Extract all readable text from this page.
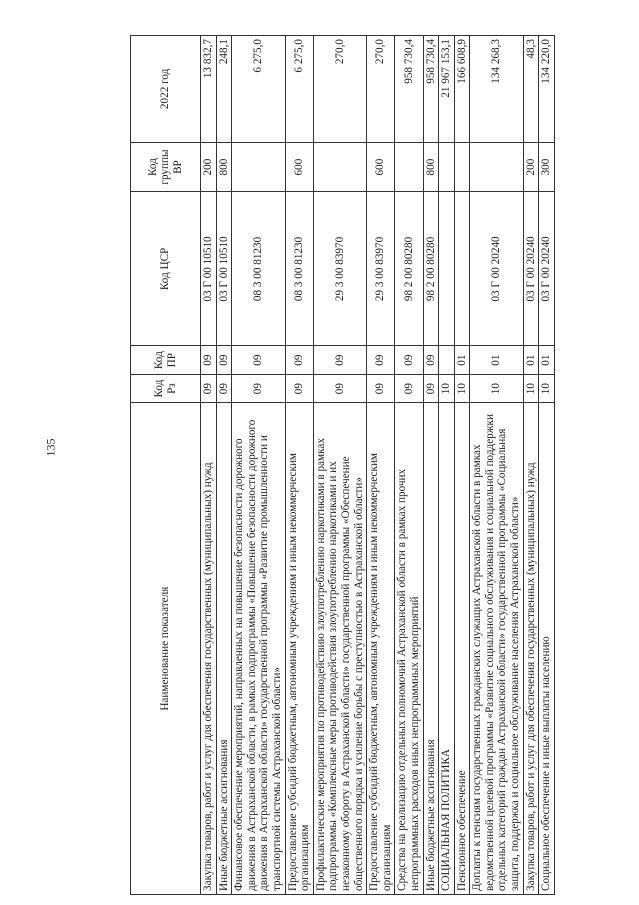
135
Наименование показателя	Код Рз	Код ПР	Код ЦСР	Код группы ВР	2022 год
Закупка товаров, работ и услуг для обеспечения государственных (муниципальных) нужд	09	09	03 Г 00 10510	200	13 832,7
Иные бюджетные ассигнования	09	09	03 Г 00 10510	800	248,1
Финансовое обеспечение мероприятий, направленных на повышение безопасности дорожного движения в Астраханской области, в рамках подпрограммы «Повышение безопасности дорожного движения в Астраханской области» государственной программы «Развитие промышленности и транспортной системы Астраханской области»	09	09	08 3 00 81230		6 275,0
Предоставление субсидий бюджетным, автономным учреждениям и иным некоммерческим организациям	09	09	08 3 00 81230	600	6 275,0
Профилактические мероприятия по противодействию злоупотреблению наркотиками в рамках подпрограммы «Комплексные меры противодействия злоупотреблению наркотиками и их незаконному обороту в Астраханской области» государственной программы «Обеспечение общественного порядка и усиление борьбы с преступностью в Астраханской области»	09	09	29 3 00 83970		270,0
Предоставление субсидий бюджетным, автономным учреждениям и иным некоммерческим организациям	09	09	29 3 00 83970	600	270,0
Средства на реализацию отдельных полномочий Астраханской области в рамках прочих непрограммных расходов иных непрограммных мероприятий	09	09	98 2 00 80280		958 730,4
Иные бюджетные ассигнования	09	09	98 2 00 80280	800	958 730,4
СОЦИАЛЬНАЯ ПОЛИТИКА	10				21 967 153,1
Пенсионное обеспечение	10	01			166 608,9
Доплаты к пенсиям государственных гражданских служащих Астраханской области в рамках ведомственной целевой программы «Развитие социального обслуживания и социальной поддержки отдельных категорий граждан Астраханской области» государственной программы «Социальная защита, поддержка и социальное обслуживание населения Астраханской области»	10	01	03 Г 00 20240		134 268,3
Закупка товаров, работ и услуг для обеспечения государственных (муниципальных) нужд	10	01	03 Г 00 20240	200	48,3
Социальное обеспечение и иные выплаты населению	10	01	03 Г 00 20240	300	134 220,0
